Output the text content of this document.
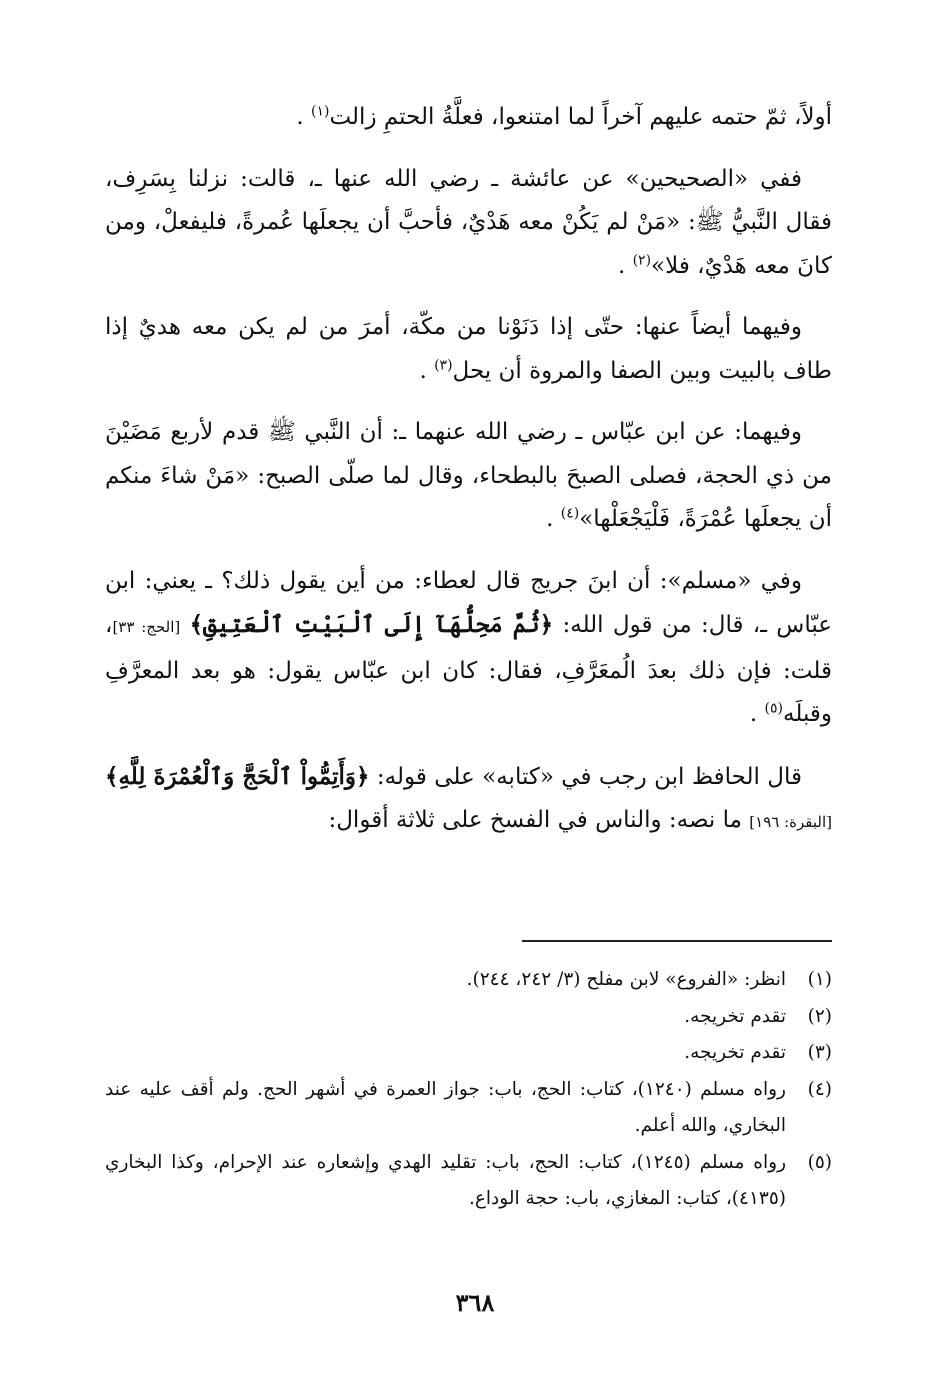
أولاً، ثمّ حتمه عليهم آخراً لما امتنعوا، فعلَّةُ الحتمِ زالت$^{(١)}$ .

ففي «الصحيحين» عن عائشة ـ رضي الله عنها ـ، قالت: نزلنا بِسَرِف، فقال النَّبيُّ ﷺ: «مَنْ لم يَكُنْ معه هَدْيٌ، فأحبَّ أن يجعلَها عُمرةً، فليفعلْ، ومن كانَ معه هَدْيٌ، فلا»$^{(٢)}$ .

وفيهما أيضاً عنها: حتّى إذا دَنَوْنا من مكّة، أمرَ من لم يكن معه هديٌ إذا طاف بالبيت وبين الصفا والمروة أن يحل$^{(٣)}$ .

وفيهما: عن ابن عبّاس ـ رضي الله عنهما ـ: أن النَّبي ﷺ قدم لأربع مَضَيْنَ من ذي الحجة، فصلى الصبحَ بالبطحاء، وقال لما صلّى الصبح: «مَنْ شاءَ منكم أن يجعلَها عُمْرَةً، فَلْيَجْعَلْها»$^{(٤)}$ .

وفي «مسلم»: أن ابنَ جريج قال لعطاء: من أين يقول ذلك؟ ـ يعني: ابن عبّاس ـ، قال: من قول الله: ﴿ثُمَّ مَحِلُّهَآ إِلَى ٱلْبَيْتِ ٱلْعَتِيقِ﴾ [الحج: ٣٣]، قلت: فإن ذلك بعدَ الُمعَرَّفِ، فقال: كان ابن عبّاس يقول: هو بعد المعرَّفِ وقبلَه$^{(٥)}$ .

قال الحافظ ابن رجب في «كتابه» على قوله: ﴿وَأَتِمُّواْ ٱلْحَجَّ وَٱلْعُمْرَةَ لِلَّهِ﴾ [البقرة: ١٩٦] ما نصه: والناس في الفسخ على ثلاثة أقوال:

(١)
انظر: «الفروع» لابن مفلح (٣/ ٢٤٢، ٢٤٤).
(٢)
تقدم تخريجه.
(٣)
تقدم تخريجه.
(٤)
رواه مسلم (١٢٤٠)، كتاب: الحج، باب: جواز العمرة في أشهر الحج. ولم أقف عليه عند البخاري، والله أعلم.
(٥)
رواه مسلم (١٢٤٥)، كتاب: الحج، باب: تقليد الهدي وإشعاره عند الإحرام، وكذا البخاري (٤١٣٥)، كتاب: المغازي، باب: حجة الوداع.
٣٦٨
